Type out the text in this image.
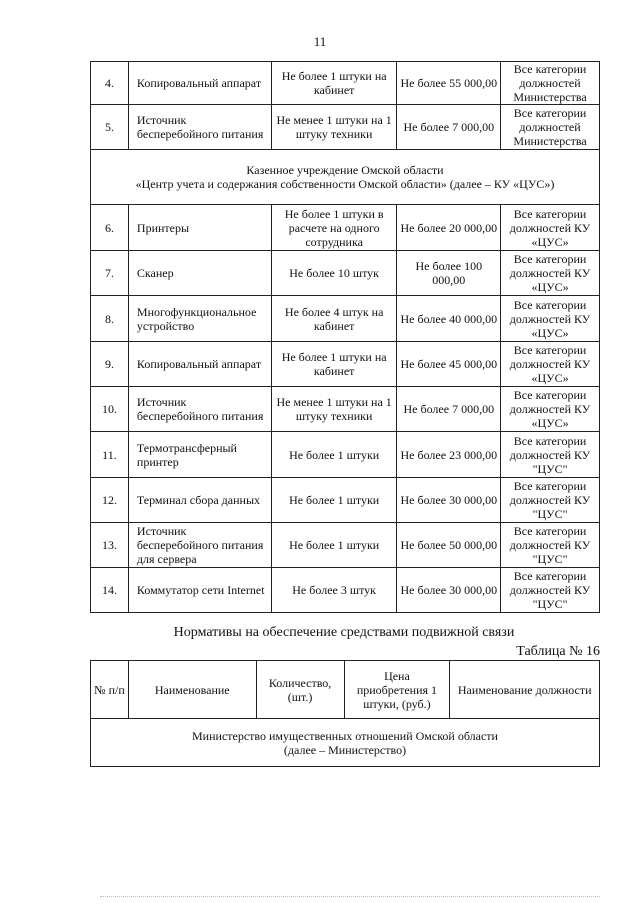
11
4.	Копировальный аппарат	Не более 1 штуки на кабинет	Не более 55 000,00	Все категории должностей Министерства
5.	Источник бесперебойного питания	Не менее 1 штуки на 1 штуку техники	Не более 7 000,00	Все категории должностей Министерства

Казенное учреждение Омской области
«Центр учета и содержания собственности Омской области» (далее – КУ «ЦУС»)				

6.	Принтеры	Не более 1 штуки в расчете на одного сотрудника	Не более 20 000,00	Все категории должностей КУ «ЦУС»
7.	Сканер	Не более 10 штук	Не более 100 000,00	Все категории должностей КУ «ЦУС»
8.	Многофункциональное устройство	Не более 4 штук на кабинет	Не более 40 000,00	Все категории должностей КУ «ЦУС»
9.	Копировальный аппарат	Не более 1 штуки на кабинет	Не более 45 000,00	Все категории должностей КУ «ЦУС»
10.	Источник бесперебойного питания	Не менее 1 штуки на 1 штуку техники	Не более 7 000,00	Все категории должностей КУ «ЦУС»
11.	Термотрансферный принтер	Не более 1 штуки	Не более 23 000,00	Все категории должностей КУ "ЦУС"
12.	Терминал сбора данных	Не более 1 штуки	Не более 30 000,00	Все категории должностей КУ "ЦУС"
13.	Источник бесперебойного питания для сервера	Не более 1 штуки	Не более 50 000,00	Все категории должностей КУ "ЦУС"
14.	Коммутатор сети Internet	Не более 3 штук	Не более 30 000,00	Все категории должностей КУ "ЦУС"
Нормативы на обеспечение средствами подвижной связи
Таблица № 16
№ п/п	Наименование	Количество, (шт.)	Цена приобретения 1 штуки, (руб.)	Наименование должности

Министерство имущественных отношений Омской области
(далее – Министерство)
